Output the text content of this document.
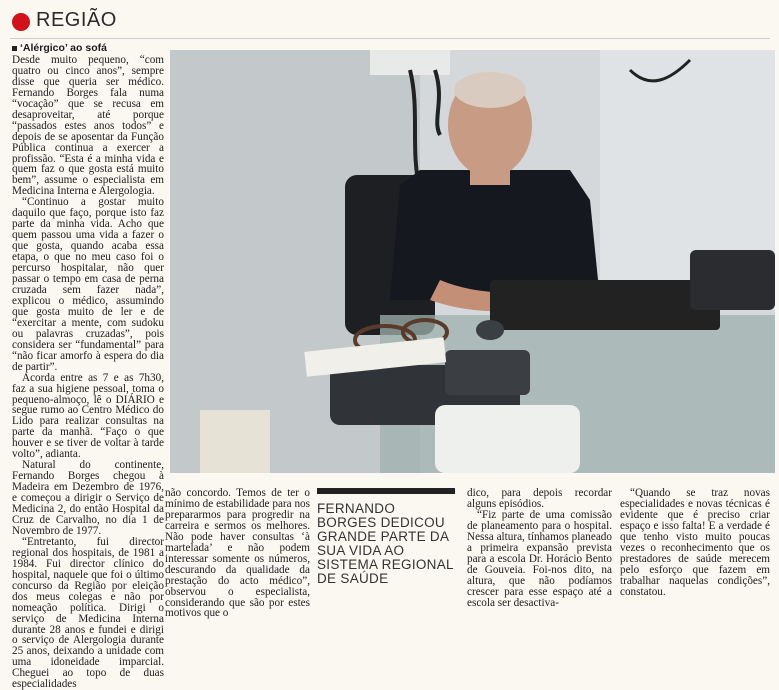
REGIÃO
‘Alérgico’ ao sofá

Desde muito pequeno, “com quatro ou cinco anos”, sempre disse que queria ser médico. Fernando Borges fala numa “vocação” que se recusa em desaproveitar, até porque “passados estes anos todos” e depois de se aposentar da Função Pública continua a exercer a profissão. “Esta é a minha vida e quem faz o que gosta está muito bem”, assume o especialista em Medicina Interna e Alergologia.

“Continuo a gostar muito daquilo que faço, porque isto faz parte da minha vida. Acho que quem passou uma vida a fazer o que gosta, quando acaba essa etapa, o que no meu caso foi o percurso hospitalar, não quer passar o tempo em casa de perna cruzada sem fazer nada”, explicou o médico, assumindo que gosta muito de ler e de “exercitar a mente, com sudoku ou palavras cruzadas”, pois considera ser “fundamental” para “não ficar amorfo à espera do dia de partir”.

Acorda entre as 7 e as 7h30, faz a sua higiene pessoal, toma o pequeno-almoço, lê o DIÁRIO e segue rumo ao Centro Médico do Lido para realizar consultas na parte da manhã. “Faço o que houver e se tiver de voltar à tarde volto”, adianta.

Natural do continente, Fernando Borges chegou à Madeira em Dezembro de 1976, e começou a dirigir o Serviço de Medicina 2, do então Hospital da Cruz de Carvalho, no dia 1 de Novembro de 1977.

“Entretanto, fui director regional dos hospitais, de 1981 a 1984. Fui director clínico do hospital, naquele que foi o último concurso da Região por eleição dos meus colegas e não por nomeação política. Dirigi o serviço de Medicina Interna durante 28 anos e fundei e dirigi o serviço de Alergologia durante 25 anos, deixando a unidade com uma idoneidade imparcial. Cheguei ao topo de duas especialidades

não concordo. Temos de ter o mínimo de estabilidade para nos prepararmos para progredir na carreira e sermos os melhores. Não pode haver consultas ‘à martelada’ e não podem interessar somente os números, descurando da qualidade da prestação do acto médico”, observou o especialista, considerando que são por estes motivos que o

FERNANDO BORGES DEDICOU GRANDE PARTE DA SUA VIDA AO SISTEMA REGIONAL DE SAÚDE

dico, para depois recordar alguns episódios.

“Fiz parte de uma comissão de planeamento para o hospital. Nessa altura, tínhamos planeado a primeira expansão prevista para a escola Dr. Horácio Bento de Gouveia. Foi-nos dito, na altura, que não podíamos crescer para esse espaço até a escola ser desactiva-

“Quando se traz novas especialidades e novas técnicas é evidente que é preciso criar espaço e isso falta! E a verdade é que tenho visto muito poucas vezes o reconhecimento que os prestadores de saúde merecem pelo esforço que fazem em trabalhar naquelas condições”, constatou.
